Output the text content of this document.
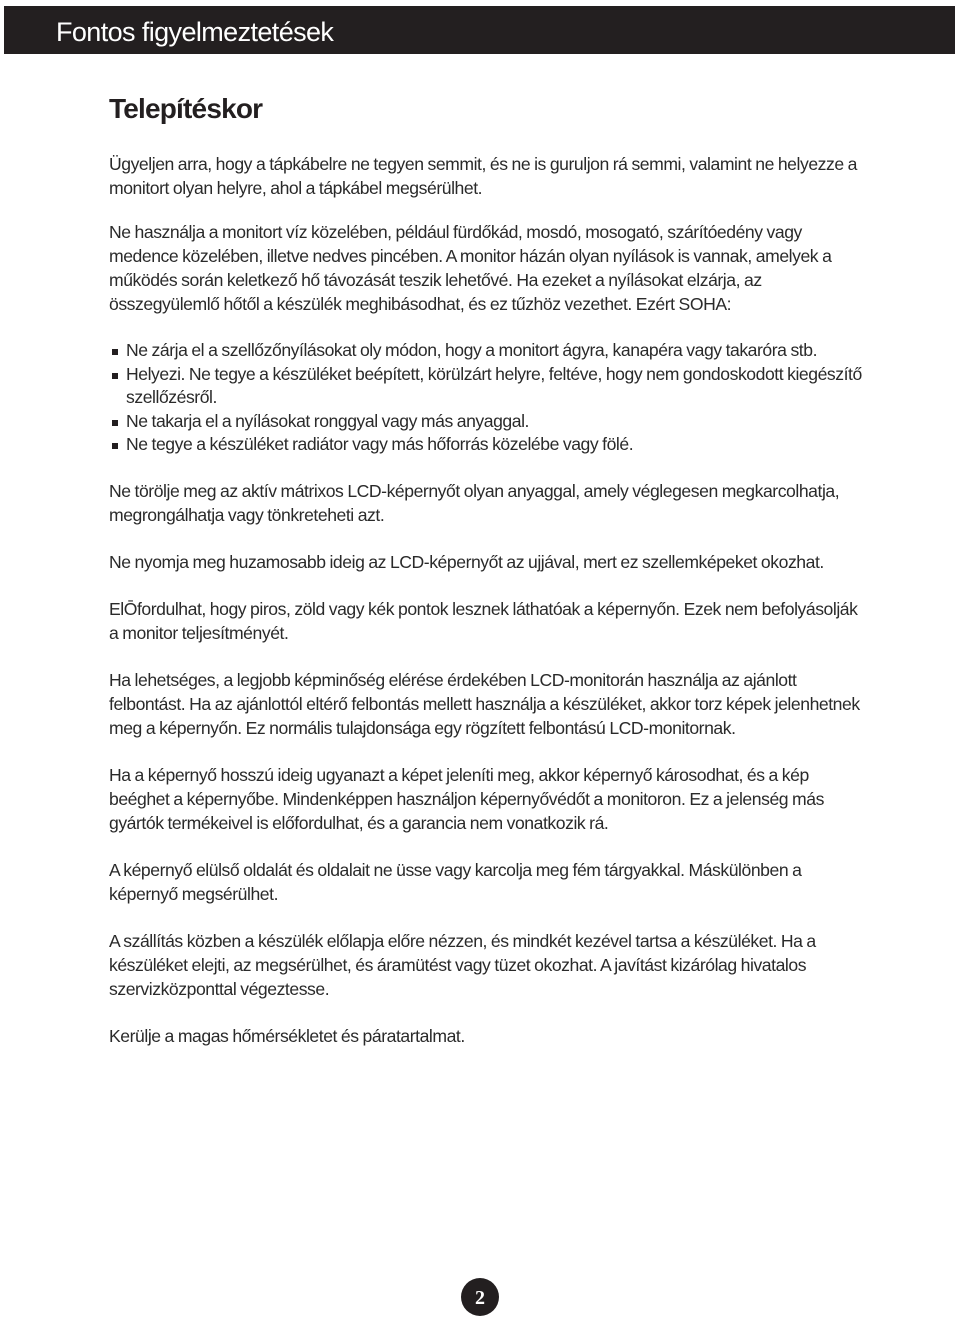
Fontos figyelmeztetések
Telepítéskor

Ügyeljen arra, hogy a tápkábelre ne tegyen semmit, és ne is guruljon rá semmi, valamint ne helyezze a monitort olyan helyre, ahol a tápkábel megsérülhet.

Ne használja a monitort víz közelében, például fürdőkád, mosdó, mosogató, szárítóedény vagy medence közelében, illetve nedves pincében. A monitor házán olyan nyílások is vannak, amelyek a működés során keletkező hő távozását teszik lehetővé. Ha ezeket a nyílásokat elzárja, az összegyülemlő hőtől a készülék meghibásodhat, és ez tűzhöz vezethet. Ezért SOHA:

Ne zárja el a szellőzőnyílásokat oly módon, hogy a monitort ágyra, kanapéra vagy takaróra stb.
Helyezi. Ne tegye a készüléket beépített, körülzárt helyre, feltéve, hogy nem gondoskodott kiegészítő szellőzésről.
Ne takarja el a nyílásokat ronggyal vagy más anyaggal.
Ne tegye a készüléket radiátor vagy más hőforrás közelébe vagy fölé.

Ne törölje meg az aktív mátrixos LCD-képernyőt olyan anyaggal, amely véglegesen megkarcolhatja, megrongálhatja vagy tönkreteheti azt.

Ne nyomja meg huzamosabb ideig az LCD-képernyőt az ujjával, mert ez szellemképeket okozhat.

ElŌfordulhat, hogy piros, zöld vagy kék pontok lesznek láthatóak a képernyőn. Ezek nem befolyásolják a monitor teljesítményét.

Ha lehetséges, a legjobb képminőség elérése érdekében LCD-monitorán használja az ajánlott felbontást. Ha az ajánlottól eltérő felbontás mellett használja a készüléket, akkor torz képek jelenhetnek meg a képernyőn. Ez normális tulajdonsága egy rögzített felbontású LCD-monitornak.

Ha a képernyő hosszú ideig ugyanazt a képet jeleníti meg, akkor képernyő károsodhat, és a kép beéghet a képernyőbe. Mindenképpen használjon képernyővédőt a monitoron. Ez a jelenség más gyártók termékeivel is előfordulhat, és a garancia nem vonatkozik rá.

A képernyő elülső oldalát és oldalait ne üsse vagy karcolja meg fém tárgyakkal. Máskülönben a képernyő megsérülhet.

A szállítás közben a készülék előlapja előre nézzen, és mindkét kezével tartsa a készüléket. Ha a készüléket elejti, az megsérülhet, és áramütést vagy tüzet okozhat. A javítást kizárólag hivatalos szervizközponttal végeztesse.

Kerülje a magas hőmérsékletet és páratartalmat.

2
